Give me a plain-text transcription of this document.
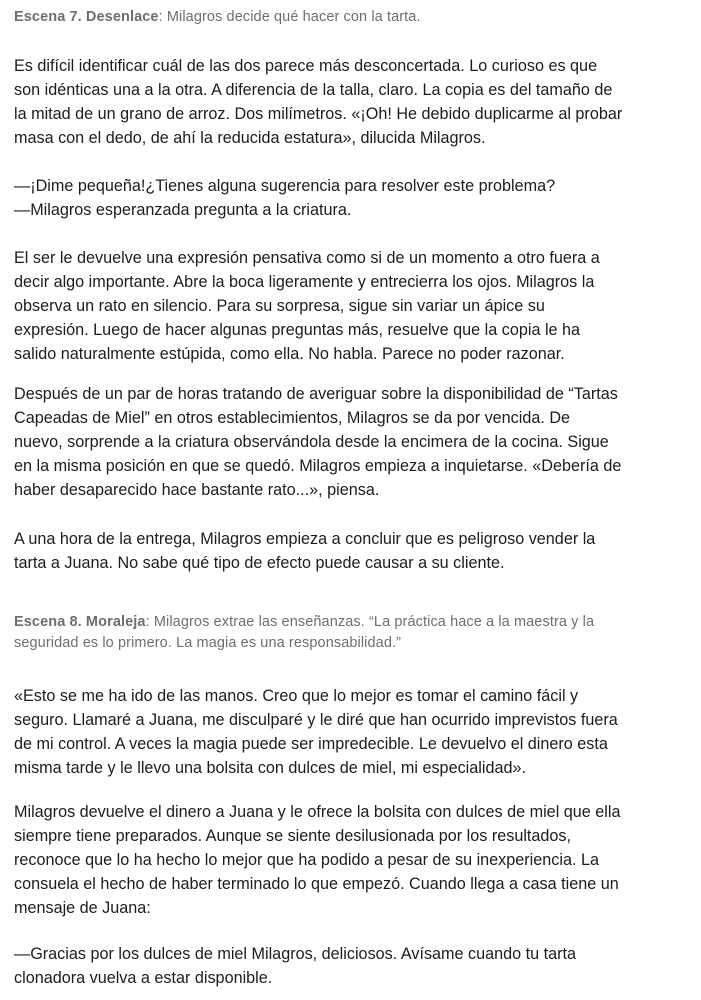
Escena 7. Desenlace: Milagros decide qué hacer con la tarta.

Es difícil identificar cuál de las dos parece más desconcertada. Lo curioso es que
son idénticas una a la otra. A diferencia de la talla, claro. La copia es del tamaño de
la mitad de un grano de arroz. Dos milímetros. «¡Oh! He debido duplicarme al probar
masa con el dedo, de ahí la reducida estatura», dilucida Milagros.
—¡Dime pequeña!¿Tienes alguna sugerencia para resolver este problema?
—Milagros esperanzada pregunta a la criatura.
El ser le devuelve una expresión pensativa como si de un momento a otro fuera a
decir algo importante. Abre la boca ligeramente y entrecierra los ojos. Milagros la
observa un rato en silencio. Para su sorpresa, sigue sin variar un ápice su
expresión. Luego de hacer algunas preguntas más, resuelve que la copia le ha
salido naturalmente estúpida, como ella. No habla. Parece no poder razonar.
Después de un par de horas tratando de averiguar sobre la disponibilidad de “Tartas
Capeadas de Miel” en otros establecimientos, Milagros se da por vencida. De
nuevo, sorprende a la criatura observándola desde la encimera de la cocina. Sigue
en la misma posición en que se quedó. Milagros empieza a inquietarse. «Debería de
haber desaparecido hace bastante rato...», piensa.
A una hora de la entrega, Milagros empieza a concluir que es peligroso vender la
tarta a Juana. No sabe qué tipo de efecto puede causar a su cliente.

Escena 8. Moraleja: Milagros extrae las enseñanzas. “La práctica hace a la maestra y la
seguridad es lo primero. La magia es una responsabilidad.”

«Esto se me ha ido de las manos. Creo que lo mejor es tomar el camino fácil y
seguro. Llamaré a Juana, me disculparé y le diré que han ocurrido imprevistos fuera
de mi control. A veces la magia puede ser impredecible. Le devuelvo el dinero esta
misma tarde y le llevo una bolsita con dulces de miel, mi especialidad».
Milagros devuelve el dinero a Juana y le ofrece la bolsita con dulces de miel que ella
siempre tiene preparados. Aunque se siente desilusionada por los resultados,
reconoce que lo ha hecho lo mejor que ha podido a pesar de su inexperiencia. La
consuela el hecho de haber terminado lo que empezó. Cuando llega a casa tiene un
mensaje de Juana:
—Gracias por los dulces de miel Milagros, deliciosos. Avísame cuando tu tarta
clonadora vuelva a estar disponible.
